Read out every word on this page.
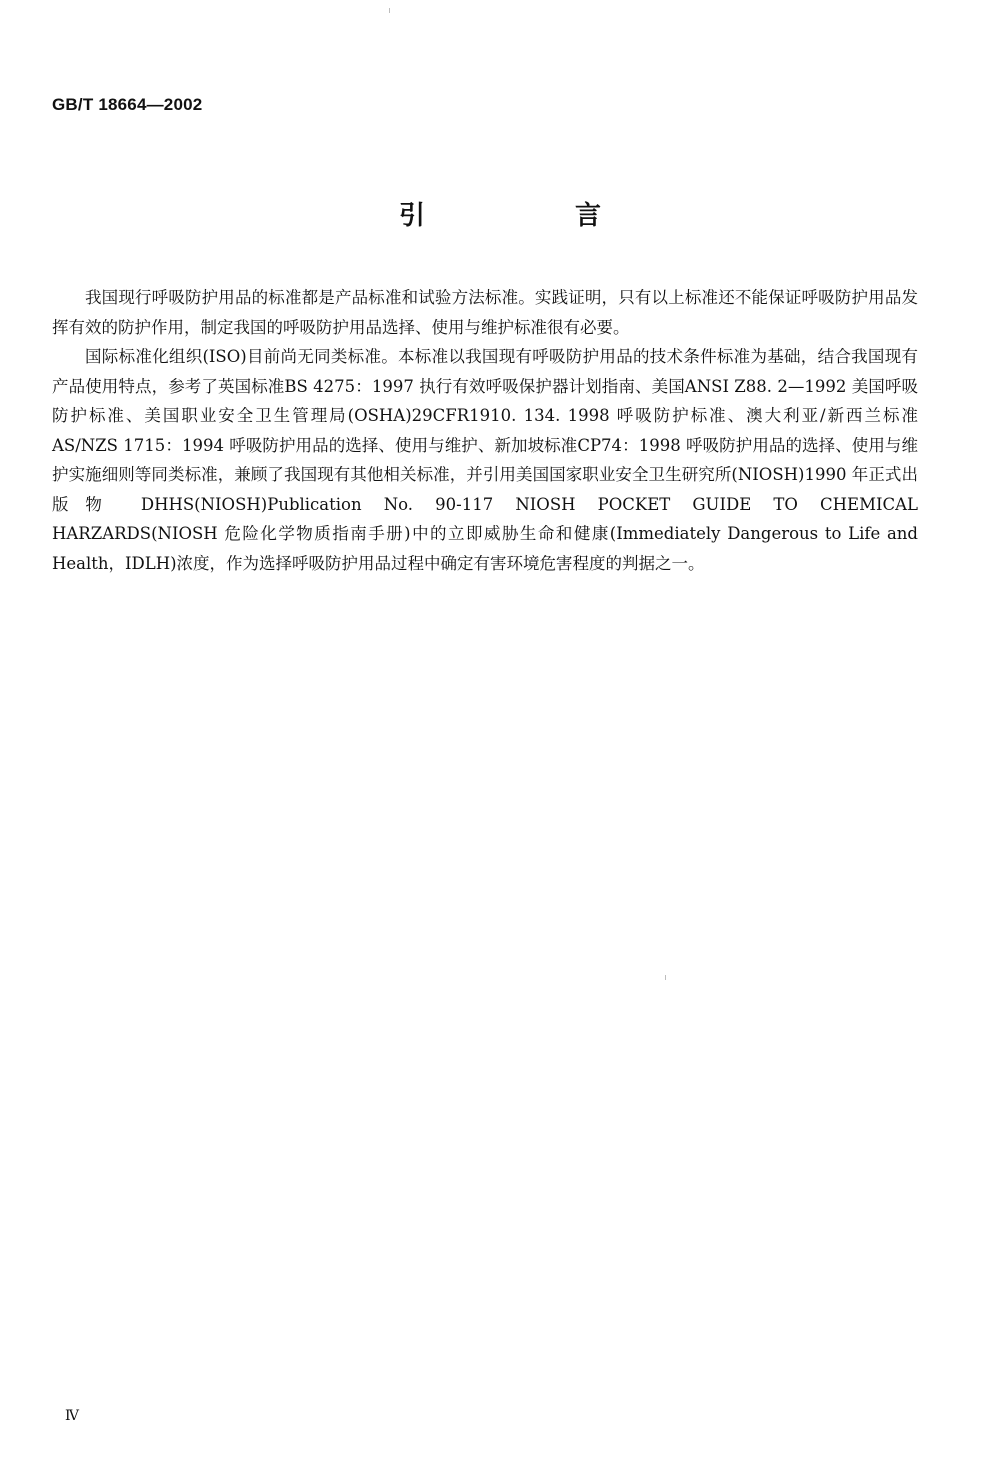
GB/T 18664—2002
引　言

我国现行呼吸防护用品的标准都是产品标准和试验方法标准。实践证明，只有以上标准还不能保证呼吸防护用品发挥有效的防护作用，制定我国的呼吸防护用品选择、使用与维护标准很有必要。

国际标准化组织(ISO)目前尚无同类标准。本标准以我国现有呼吸防护用品的技术条件标准为基础，结合我国现有产品使用特点，参考了英国标准BS 4275：1997 执行有效呼吸保护器计划指南、美国ANSI Z88. 2—1992 美国呼吸防护标准、美国职业安全卫生管理局(OSHA)29CFR1910. 134. 1998 呼吸防护标准、澳大利亚/新西兰标准 AS/NZS 1715：1994 呼吸防护用品的选择、使用与维护、新加坡标准CP74：1998 呼吸防护用品的选择、使用与维护实施细则等同类标准，兼顾了我国现有其他相关标准，并引用美国国家职业安全卫生研究所(NIOSH)1990 年正式出版物 DHHS(NIOSH)Publication No. 90-117 NIOSH POCKET GUIDE TO CHEMICAL HARZARDS(NIOSH 危险化学物质指南手册)中的立即威胁生命和健康(Immediately Dangerous to Life and Health，IDLH)浓度，作为选择呼吸防护用品过程中确定有害环境危害程度的判据之一。

Ⅳ
